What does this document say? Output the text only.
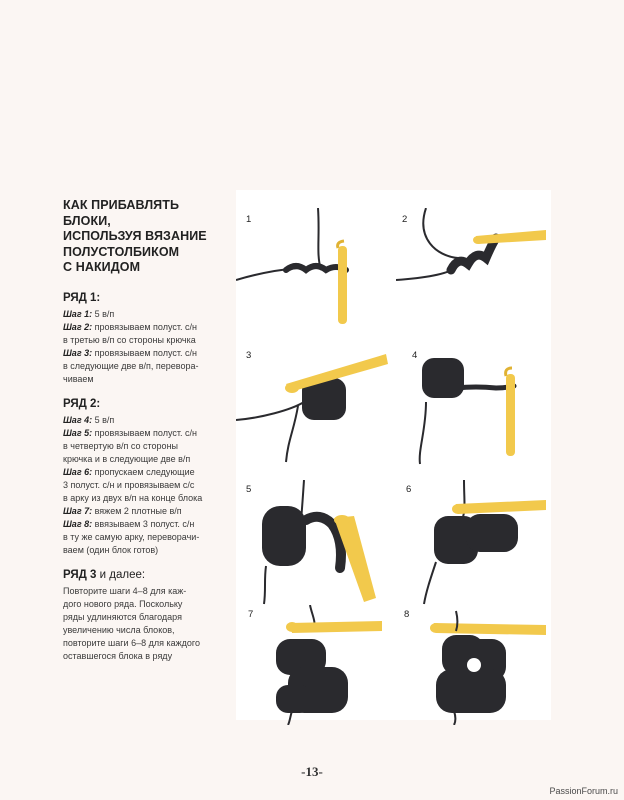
КАК ПРИБАВЛЯТЬ БЛОКИ,
ИСПОЛЬЗУЯ ВЯЗАНИЕ
ПОЛУСТОЛБИКОМ
С НАКИДОМ
РЯД 1:
Шаг 1: 5 в/п
Шаг 2: провязываем полуст. с/н
в третью в/п со стороны крючка
Шаг 3: провязываем полуст. с/н
в следующие две в/п, перевора-
чиваем
РЯД 2:
Шаг 4: 5 в/п
Шаг 5: провязываем полуст. с/н
в четвертую в/п со стороны
крючка и в следующие две в/п
Шаг 6: пропускаем следующие
3 полуст. с/н и провязываем с/с
в арку из двух в/п на конце блока
Шаг 7: вяжем 2 плотные в/п
Шаг 8: ввязываем 3 полуст. с/н
в ту же самую арку, переворачи-
ваем (один блок готов)
РЯД 3 и далее:
Повторите шаги 4–8 для каж-
дого нового ряда. Поскольку
ряды удлиняются благодаря
увеличению числа блоков,
повторите шаги 6–8 для каждого
оставшегося блока в ряду
1	2
3	4
5	6
7	8
-13-
PassionForum.ru
